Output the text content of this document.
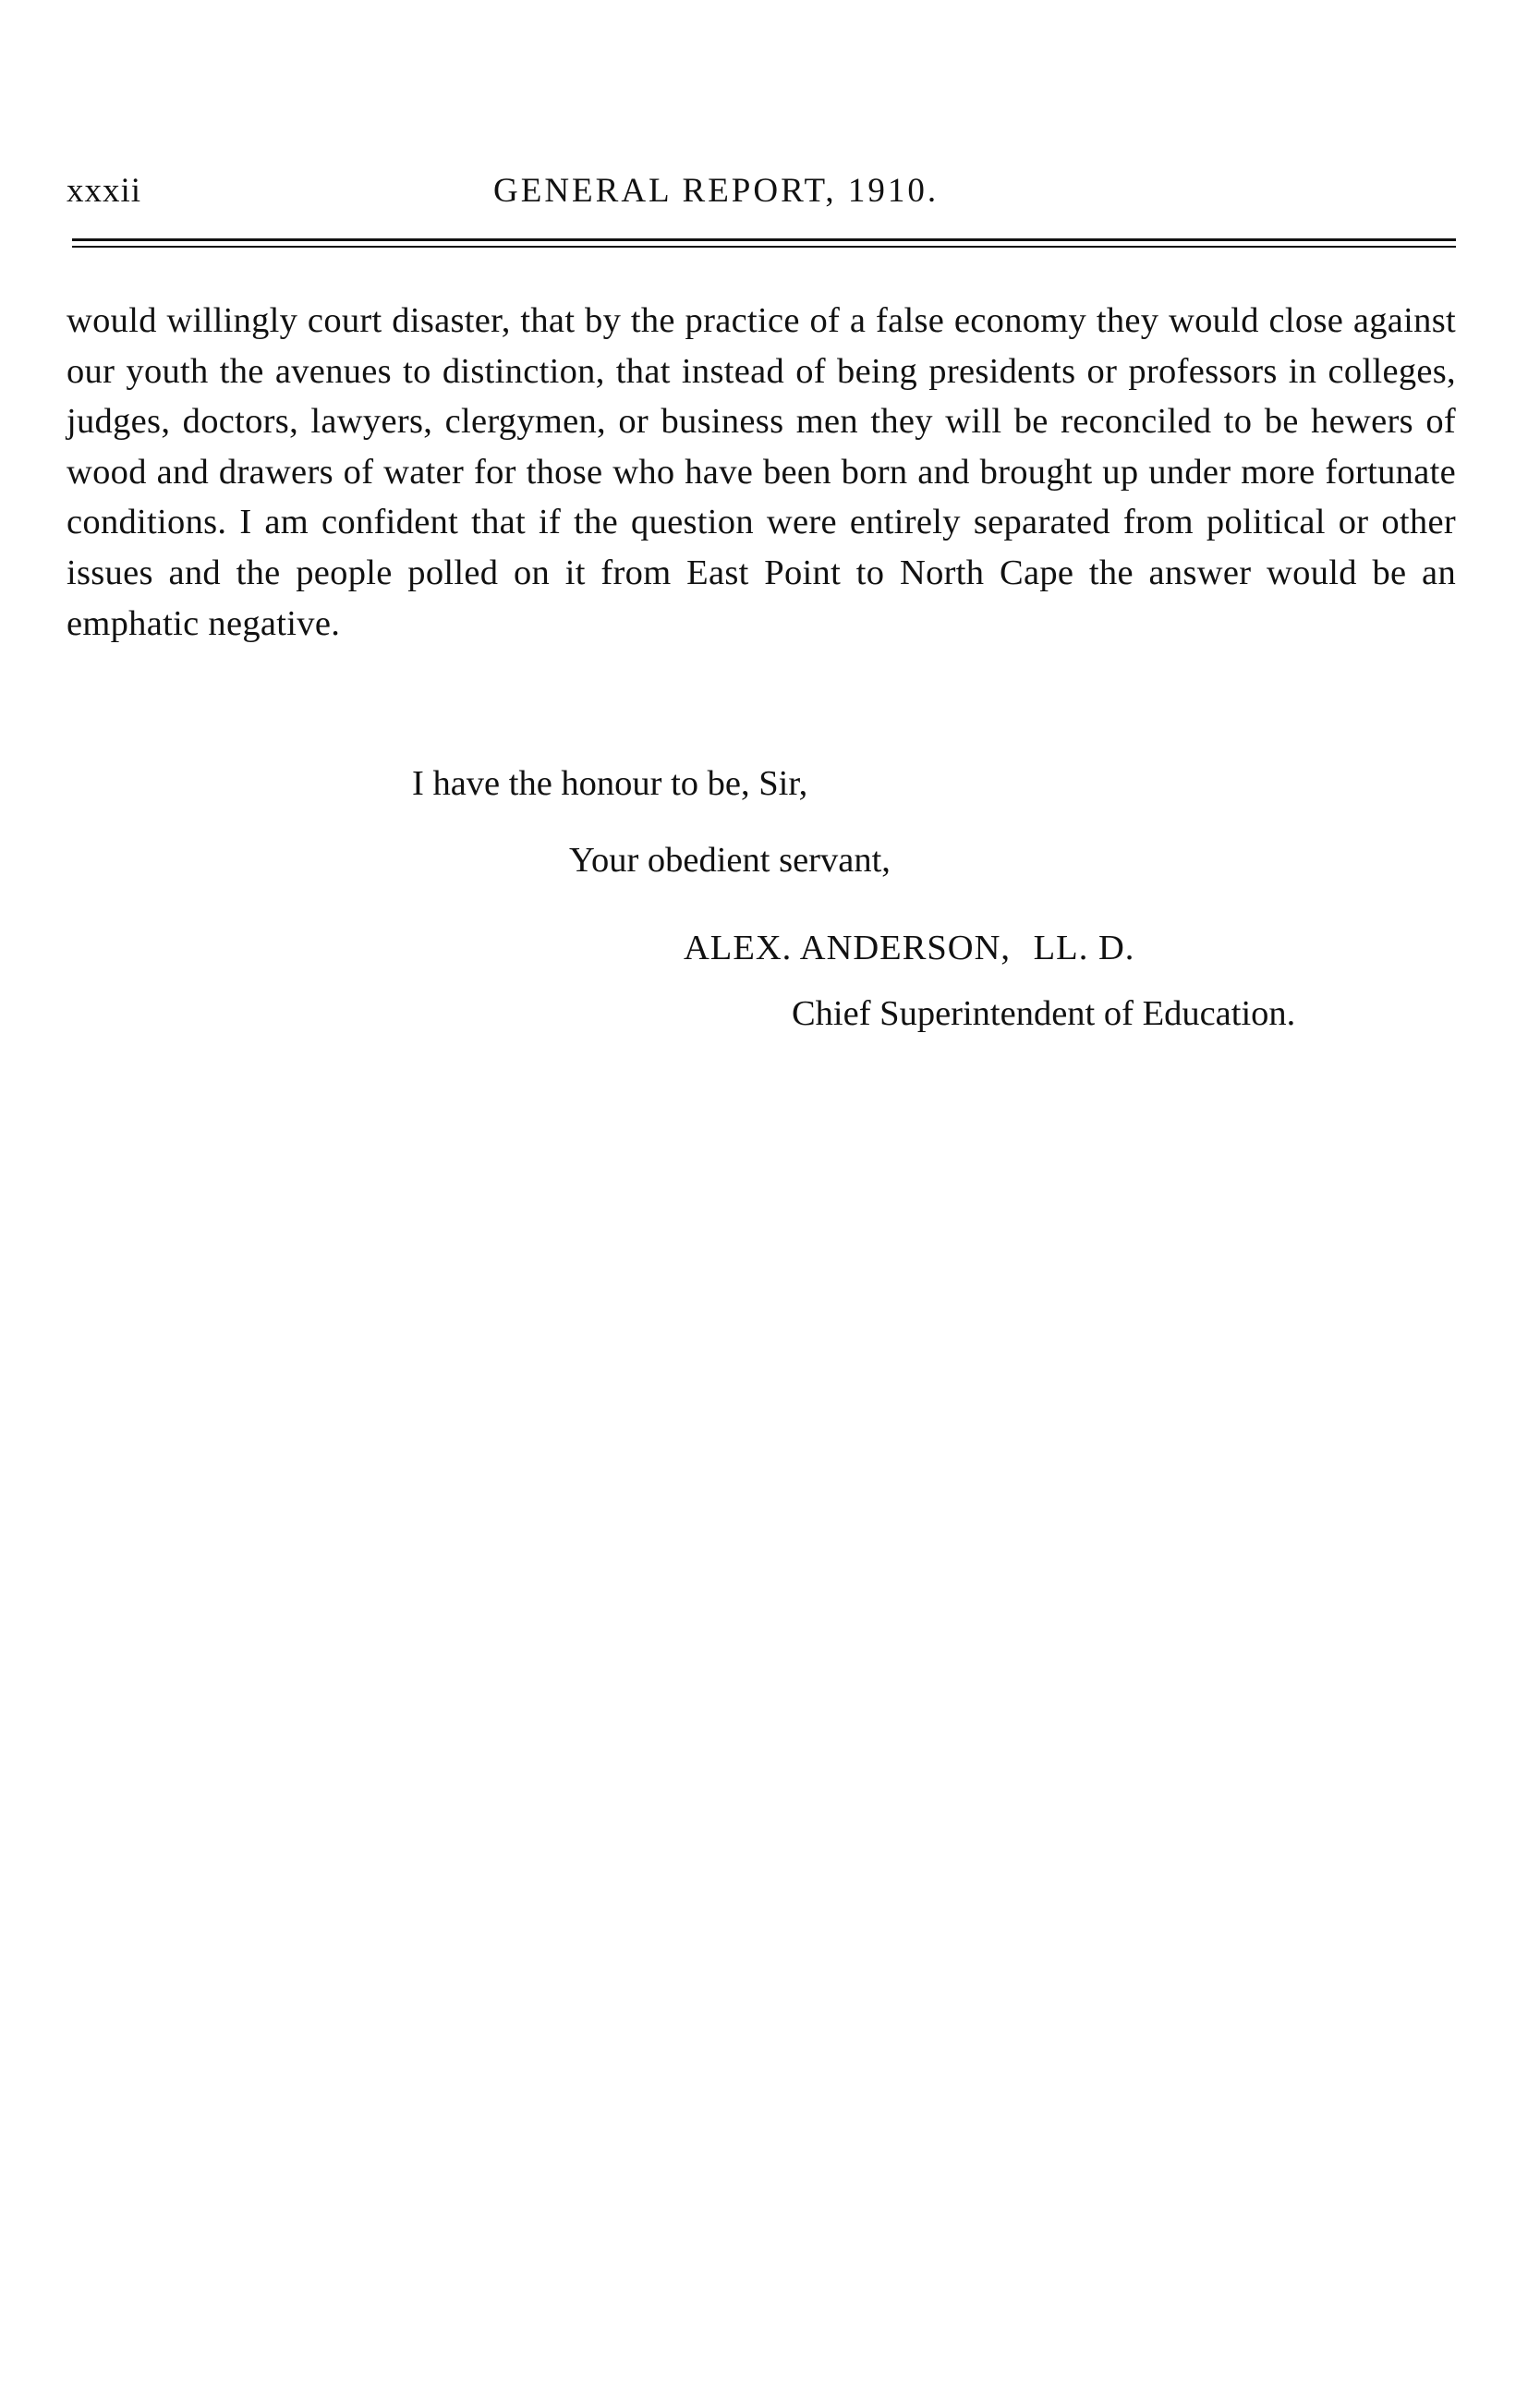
xxxii	GENERAL REPORT, 1910.

would willingly court disaster, that by the practice of a false economy they would close against our youth the avenues to distinction, that instead of being presidents or professors in colleges, judges, doctors, lawyers, clergymen, or business men they will be reconciled to be hewers of wood and drawers of water for those who have been born and brought up under more fortunate conditions. I am confident that if the question were entirely separated from political or other issues and the people polled on it from East Point to North Cape the answer would be an emphatic negative.

I have the honour to be, Sir,
Your obedient servant,
ALEX. ANDERSON, LL. D.
Chief Superintendent of Education.
